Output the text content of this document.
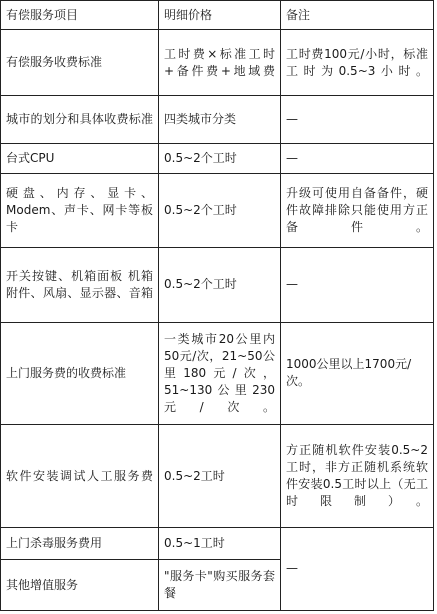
有偿服务项目	明细价格	备注
有偿服务收费标准	工时费×标准工时+备件费+地域费	工时费100元/小时，标准工时为0.5~3小时。
城市的划分和具体收费标准	四类城市分类	—
台式CPU	0.5~2个工时	—
硬盘、内存、显卡、Modem、声卡、网卡等板卡	0.5~2个工时	升级可使用自备备件，硬件故障排除只能使用方正备件。
开关按键、机箱面板 机箱附件、风扇、显示器、音箱	0.5~2个工时	—
上门服务费的收费标准	一类城市20公里内50元/次，21~50公里180元/次，51~130公里230元/次。	1000公里以上1700元/次。
软件安装调试人工服务费	0.5~2工时	方正随机软件安装0.5~2工时，非方正随机系统软件安装0.5工时以上（无工时限制）。
上门杀毒服务费用	0.5~1工时	—
其他增值服务	"服务卡"购买服务套餐	
